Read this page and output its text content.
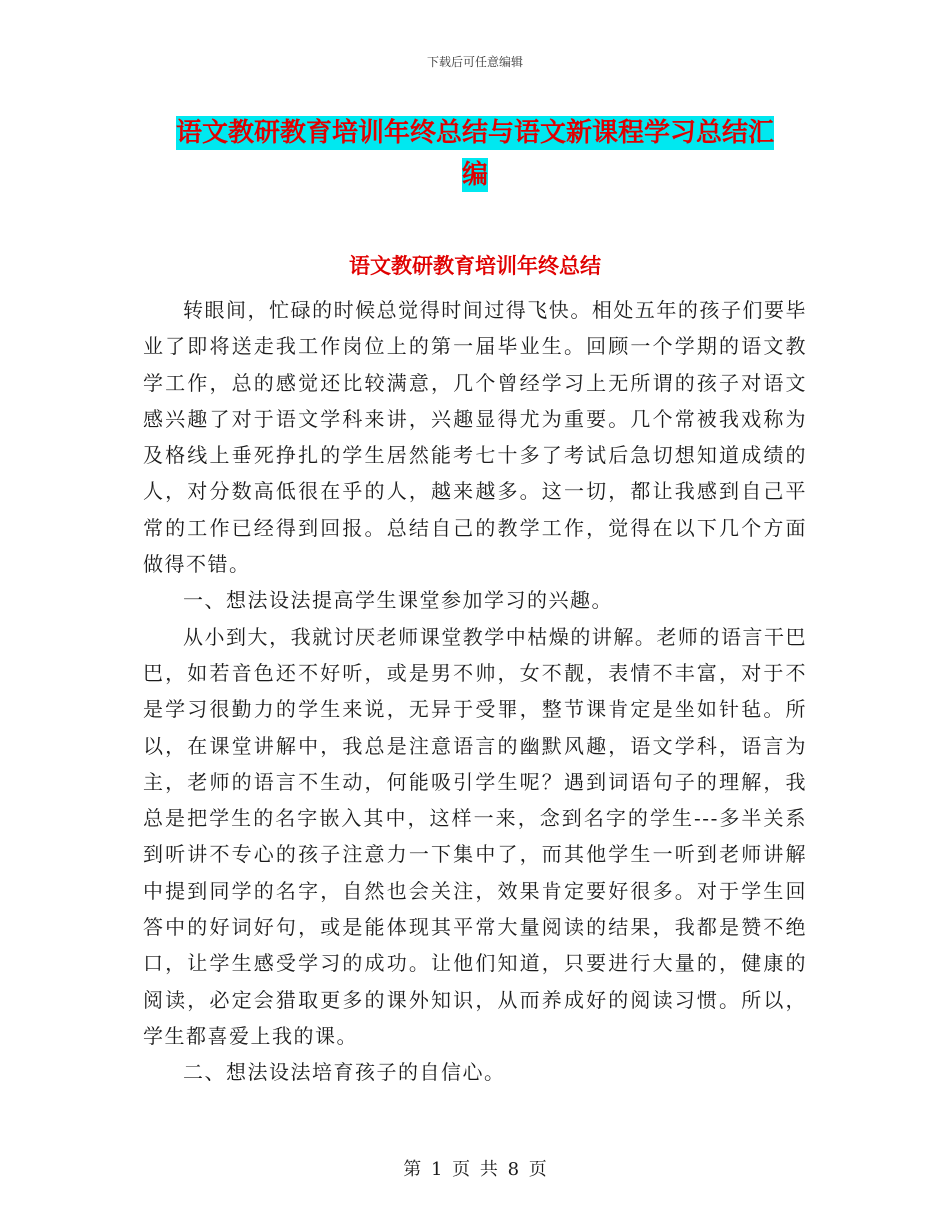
下载后可任意编辑
语文教研教育培训年终总结与语文新课程学习总结汇
编
语文教研教育培训年终总结

转眼间，忙碌的时候总觉得时间过得飞快。相处五年的孩子们要毕业了即将送走我工作岗位上的第一届毕业生。回顾一个学期的语文教学工作，总的感觉还比较满意，几个曾经学习上无所谓的孩子对语文感兴趣了对于语文学科来讲，兴趣显得尤为重要。几个常被我戏称为及格线上垂死挣扎的学生居然能考七十多了考试后急切想知道成绩的人，对分数高低很在乎的人，越来越多。这一切，都让我感到自己平常的工作已经得到回报。总结自己的教学工作，觉得在以下几个方面做得不错。

一、想法设法提高学生课堂参加学习的兴趣。

从小到大，我就讨厌老师课堂教学中枯燥的讲解。老师的语言干巴巴，如若音色还不好听，或是男不帅，女不靓，表情不丰富，对于不是学习很勤力的学生来说，无异于受罪，整节课肯定是坐如针毡。所以，在课堂讲解中，我总是注意语言的幽默风趣，语文学科，语言为主，老师的语言不生动，何能吸引学生呢？遇到词语句子的理解，我总是把学生的名字嵌入其中，这样一来，念到名字的学生---多半关系到听讲不专心的孩子注意力一下集中了，而其他学生一听到老师讲解中提到同学的名字，自然也会关注，效果肯定要好很多。对于学生回答中的好词好句，或是能体现其平常大量阅读的结果，我都是赞不绝口，让学生感受学习的成功。让他们知道，只要进行大量的，健康的阅读，必定会猎取更多的课外知识，从而养成好的阅读习惯。所以，学生都喜爱上我的课。

二、想法设法培育孩子的自信心。

第 1 页 共 8 页
